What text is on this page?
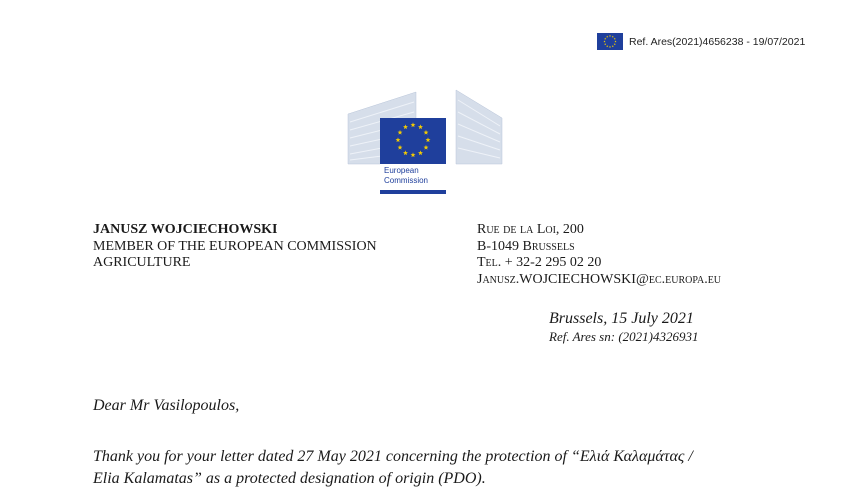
Ref. Ares(2021)4656238 - 19/07/2021
European
Commission
JANUSZ WOJCIECHOWSKI
MEMBER OF THE EUROPEAN COMMISSION
AGRICULTURE
Rue de la Loi, 200
B-1049 Brussels
Tel. + 32-2 295 02 20
Janusz.WOJCIECHOWSKI@ec.europa.eu
Brussels, 15 July 2021
Ref. Ares sn: (2021)4326931
Dear Mr Vasilopoulos,
Thank you for your letter dated 27 May 2021 concerning the protection of “Ελιά Καλαμάτας /
Elia Kalamatas” as a protected designation of origin (PDO).
